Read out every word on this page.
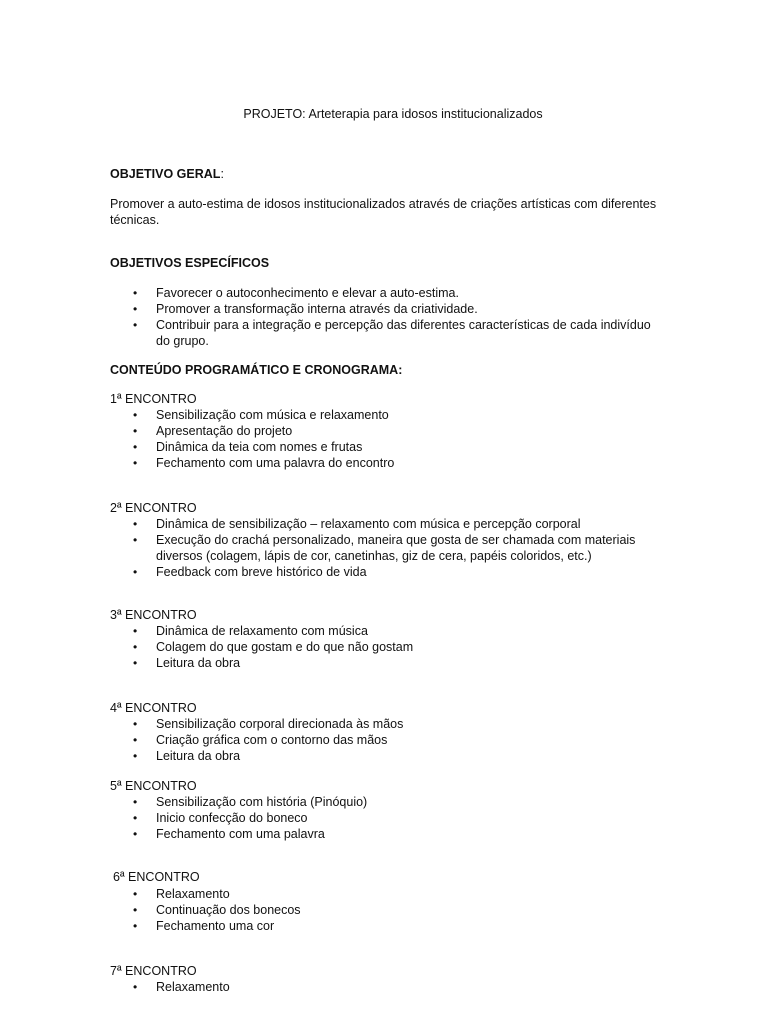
PROJETO: Arteterapia para idosos institucionalizados
OBJETIVO GERAL:
Promover a auto-estima de idosos institucionalizados através de criações artísticas com diferentes técnicas.
OBJETIVOS ESPECÍFICOS
• Favorecer o autoconhecimento e elevar a auto-estima.
• Promover a transformação interna através da criatividade.
• Contribuir para a integração e percepção das diferentes características de cada indivíduo do grupo.
CONTEÚDO PROGRAMÁTICO E CRONOGRAMA:
1ª ENCONTRO
• Sensibilização com música e relaxamento
• Apresentação do projeto
• Dinâmica da teia com nomes e frutas
• Fechamento com uma palavra do encontro
2ª ENCONTRO
• Dinâmica de sensibilização – relaxamento com música e percepção corporal
• Execução do crachá personalizado, maneira que gosta de ser chamada com materiais diversos (colagem, lápis de cor, canetinhas, giz de cera, papéis coloridos, etc.)
• Feedback com breve histórico de vida
3ª ENCONTRO
• Dinâmica de relaxamento com música
• Colagem do que gostam e do que não gostam
• Leitura da obra
4ª ENCONTRO
• Sensibilização corporal direcionada às mãos
• Criação gráfica com o contorno das mãos
• Leitura da obra
5ª ENCONTRO
• Sensibilização com história (Pinóquio)
• Inicio confecção do boneco
• Fechamento com uma palavra
6ª ENCONTRO
• Relaxamento
• Continuação dos bonecos
• Fechamento uma cor
7ª ENCONTRO
• Relaxamento
